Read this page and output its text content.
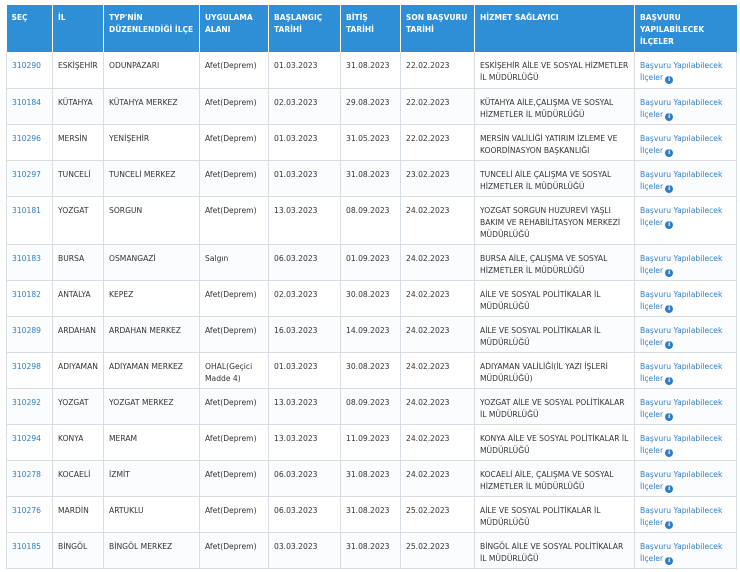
SEÇ	İL	TYP'NİN DÜZENLENDİĞİ İLÇE	UYGULAMA ALANI	BAŞLANGIÇ TARİHİ	BİTİŞ TARİHİ	SON BAŞVURU TARİHİ	HİZMET SAĞLAYICI	BAŞVURU YAPILABİLECEK İLÇELER
310290	ESKİŞEHİR	ODUNPAZARI	Afet(Deprem)	01.03.2023	31.08.2023	22.02.2023	ESKİŞEHİR AİLE VE SOSYAL HİZMETLER İL MÜDÜRLÜĞÜ	Başvuru Yapılabilecek İlçeler i
310184	KÜTAHYA	KÜTAHYA MERKEZ	Afet(Deprem)	02.03.2023	29.08.2023	22.02.2023	KÜTAHYA AİLE,ÇALIŞMA VE SOSYAL HİZMETLER İL MÜDÜRLÜĞÜ	Başvuru Yapılabilecek İlçeler i
310296	MERSİN	YENİŞEHİR	Afet(Deprem)	01.03.2023	31.05.2023	22.02.2023	MERSİN VALİLİĞİ YATIRIM İZLEME VE KOORDİNASYON BAŞKANLIĞI	Başvuru Yapılabilecek İlçeler i
310297	TUNCELİ	TUNCELİ MERKEZ	Afet(Deprem)	01.03.2023	31.08.2023	23.02.2023	TUNCELİ AİLE ÇALIŞMA VE SOSYAL HİZMETLER İL MÜDÜRLÜĞÜ	Başvuru Yapılabilecek İlçeler i
310181	YOZGAT	SORGUN	Afet(Deprem)	13.03.2023	08.09.2023	24.02.2023	YOZGAT SORGUN HUZUREVİ YAŞLI BAKIM VE REHABİLİTASYON MERKEZİ MÜDÜRLÜĞÜ	Başvuru Yapılabilecek İlçeler i
310183	BURSA	OSMANGAZİ	Salgın	06.03.2023	01.09.2023	24.02.2023	BURSA AİLE, ÇALIŞMA VE SOSYAL HİZMETLER İL MÜDÜRLÜĞÜ	Başvuru Yapılabilecek İlçeler i
310182	ANTALYA	KEPEZ	Afet(Deprem)	02.03.2023	30.08.2023	24.02.2023	AİLE VE SOSYAL POLİTİKALAR İL MÜDÜRLÜĞÜ	Başvuru Yapılabilecek İlçeler i
310289	ARDAHAN	ARDAHAN MERKEZ	Afet(Deprem)	16.03.2023	14.09.2023	24.02.2023	AİLE VE SOSYAL POLİTİKALAR İL MÜDÜRLÜĞÜ	Başvuru Yapılabilecek İlçeler i
310298	ADIYAMAN	ADIYAMAN MERKEZ	OHAL(Geçici Madde 4)	01.03.2023	30.08.2023	24.02.2023	ADIYAMAN VALİLİĞİ(İL YAZI İŞLERİ MÜDÜRLÜĞÜ)	Başvuru Yapılabilecek İlçeler i
310292	YOZGAT	YOZGAT MERKEZ	Afet(Deprem)	13.03.2023	08.09.2023	24.02.2023	YOZGAT AİLE VE SOSYAL POLİTİKALAR İL MÜDÜRLÜĞÜ	Başvuru Yapılabilecek İlçeler i
310294	KONYA	MERAM	Afet(Deprem)	13.03.2023	11.09.2023	24.02.2023	KONYA AİLE VE SOSYAL POLİTİKALAR İL MÜDÜRLÜĞÜ	Başvuru Yapılabilecek İlçeler i
310278	KOCAELİ	İZMİT	Afet(Deprem)	06.03.2023	31.08.2023	24.02.2023	KOCAELİ AİLE, ÇALIŞMA VE SOSYAL HİZMETLER İL MÜDÜRLÜĞÜ	Başvuru Yapılabilecek İlçeler i
310276	MARDİN	ARTUKLU	Afet(Deprem)	06.03.2023	31.08.2023	25.02.2023	AİLE VE SOSYAL POLİTİKALAR İL MÜDÜRLÜĞÜ	Başvuru Yapılabilecek İlçeler i
310185	BİNGÖL	BİNGÖL MERKEZ	Afet(Deprem)	03.03.2023	31.08.2023	25.02.2023	BİNGÖL AİLE VE SOSYAL POLİTİKALAR İL MÜDÜRLÜĞÜ	Başvuru Yapılabilecek İlçeler i
